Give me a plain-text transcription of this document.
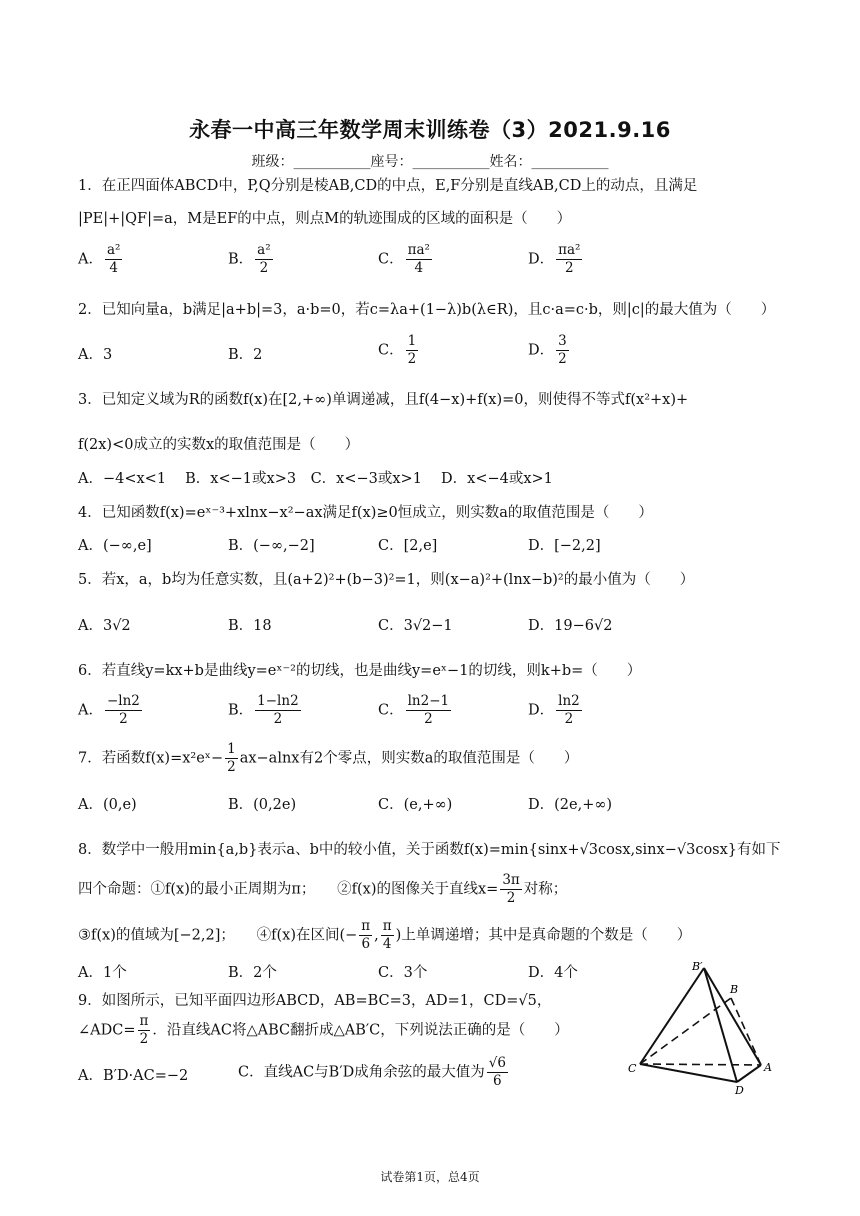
永春一中高三年数学周末训练卷（3）2021.9.16
班级：___________座号：___________姓名：___________
1．在正四面体ABCD中，P,Q分别是棱AB,CD的中点，E,F分别是直线AB,CD上的动点，且满足
|PE|+|QF|=a，M是EF的中点，则点M的轨迹围成的区域的面积是（　　）
A． $\frac{\text{a²}}{4}$	B． $\frac{\text{a²}}{2}$	C． $\frac{\text{πa²}}{4}$	D． $\frac{\text{πa²}}{2}$
2．已知向量a，b满足|a+b|=3，a·b=0，若c=λa+(1−λ)b(λ∈R)，且c·a=c·b，则|c|的最大值为（　　）
A．3	B．2	C． $\frac{1}{2}$	D． $\frac{3}{2}$
3．已知定义域为R的函数f(x)在[2,+∞)单调递减，且f(4−x)+f(x)=0，则使得不等式f(x²+x)+
f(2x)<0成立的实数x的取值范围是（　　）
A．−4<x<1　 B．x<−1或x>3　C．x<−3或x>1　 D．x<−4或x>1
4．已知函数f(x)=eˣ⁻³+xlnx−x²−ax满足f(x)≥0恒成立，则实数a的取值范围是（　　）
A．(−∞,e]	B．(−∞,−2]	C．[2,e]	D．[−2,2]
5．若x，a，b均为任意实数，且(a+2)²+(b−3)²=1，则(x−a)²+(lnx−b)²的最小值为（　　）
A．3√2	B．18	C．3√2−1	D．19−6√2
6．若直线y=kx+b是曲线y=eˣ⁻²的切线，也是曲线y=eˣ−1的切线，则k+b=（　　）
A． $\frac{-\ln 2}{2}$	B． $\frac{1-\ln 2}{2}$	C． $\frac{\ln 2-1}{2}$	D． $\frac{\ln 2}{2}$
7．若函数f(x)=x²eˣ− $\frac{1}{2} ax-alnx$有2个零点，则实数a的取值范围是（　　）
A．(0,e)	B．(0,2e)	C．(e,+∞)	D．(2e,+∞)
8．数学中一般用min{a,b}表示a、b中的较小值，关于函数f(x)=min{sinx+√3cosx,sinx−√3cosx}有如下
四个命题：①f(x)的最小正周期为π；　　②f(x)的图像关于直线$x= \frac{3\pi}{2}$ 对称；
③f(x)的值域为[−2,2]；　　④f(x)在区间(− $\frac{\pi}{6}$ , $\frac{\pi}{4}$ )上单调递增；其中是真命题的个数是（　　）
A．1个	B．2个	C．3个	D．4个
9．如图所示，已知平面四边形ABCD，AB=BC=3，AD=1，CD=√5，
∠ADC= $\frac{\pi}{2}$ ．沿直线AC将△ABC翻折成△AB′C，下列说法正确的是（　　）
A．B′D·AC=−2	C．直线AC与B′D成角余弦的最大值为 $\frac{√6}{6}$
B′
B
C	A
D
试卷第1页，总4页
